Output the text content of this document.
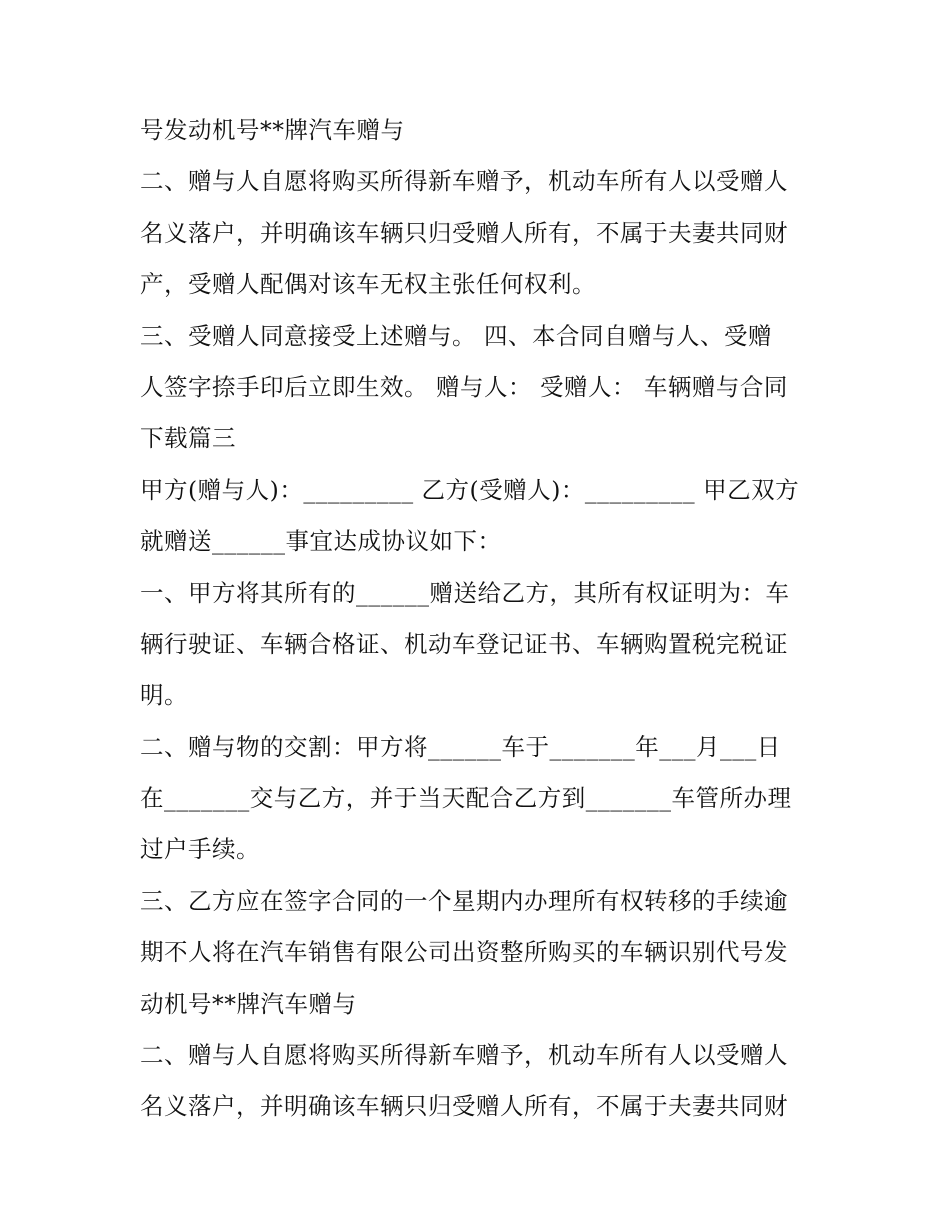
号发动机号**牌汽车赠与
二、赠与人自愿将购买所得新车赠予，机动车所有人以受赠人
名义落户，并明确该车辆只归受赠人所有，不属于夫妻共同财
产，受赠人配偶对该车无权主张任何权利。
三、受赠人同意接受上述赠与。 四、本合同自赠与人、受赠
人签字捺手印后立即生效。 赠与人： 受赠人： 车辆赠与合同
下载篇三
甲方(赠与人)：_________ 乙方(受赠人)：_________ 甲乙双方
就赠送______事宜达成协议如下：
一、甲方将其所有的______赠送给乙方，其所有权证明为：车
辆行驶证、车辆合格证、机动车登记证书、车辆购置税完税证
明。
二、赠与物的交割：甲方将______车于_______年___月___日
在_______交与乙方，并于当天配合乙方到_______车管所办理
过户手续。
三、乙方应在签字合同的一个星期内办理所有权转移的手续逾
期不人将在汽车销售有限公司出资整所购买的车辆识别代号发
动机号**牌汽车赠与
二、赠与人自愿将购买所得新车赠予，机动车所有人以受赠人
名义落户，并明确该车辆只归受赠人所有，不属于夫妻共同财
